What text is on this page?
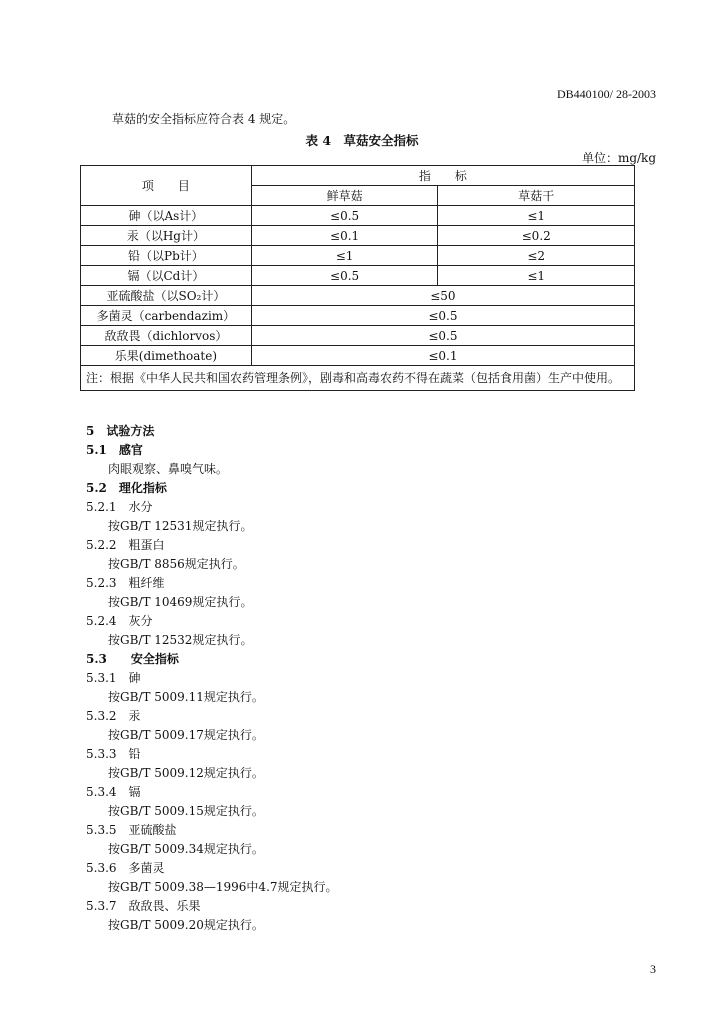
DB440100/ 28-2003
草菇的安全指标应符合表 4 规定。
表 4　草菇安全指标
单位：mg/kg
项　　目	指　　标	
	鲜草菇	草菇干
砷（以As计）	≤0.5	≤1
汞（以Hg计）	≤0.1	≤0.2
铅（以Pb计）	≤1	≤2
镉（以Cd计）	≤0.5	≤1
亚硫酸盐（以SO₂计）	≤50	
多菌灵（carbendazim）	≤0.5	
敌敌畏（dichlorvos）	≤0.5	
乐果(dimethoate)	≤0.1	
注：根据《中华人民共和国农药管理条例》，剧毒和高毒农药不得在蔬菜（包括食用菌）生产中使用。		
5　试验方法
5.1　感官
肉眼观察、鼻嗅气味。
5.2　理化指标
5.2.1　水分
按GB/T 12531规定执行。
5.2.2　粗蛋白
按GB/T 8856规定执行。
5.2.3　粗纤维
按GB/T 10469规定执行。
5.2.4　灰分
按GB/T 12532规定执行。
5.3　　安全指标
5.3.1　砷
按GB/T 5009.11规定执行。
5.3.2　汞
按GB/T 5009.17规定执行。
5.3.3　铅
按GB/T 5009.12规定执行。
5.3.4　镉
按GB/T 5009.15规定执行。
5.3.5　亚硫酸盐
按GB/T 5009.34规定执行。
5.3.6　多菌灵
按GB/T 5009.38—1996中4.7规定执行。
5.3.7　敌敌畏、乐果
按GB/T 5009.20规定执行。
3
